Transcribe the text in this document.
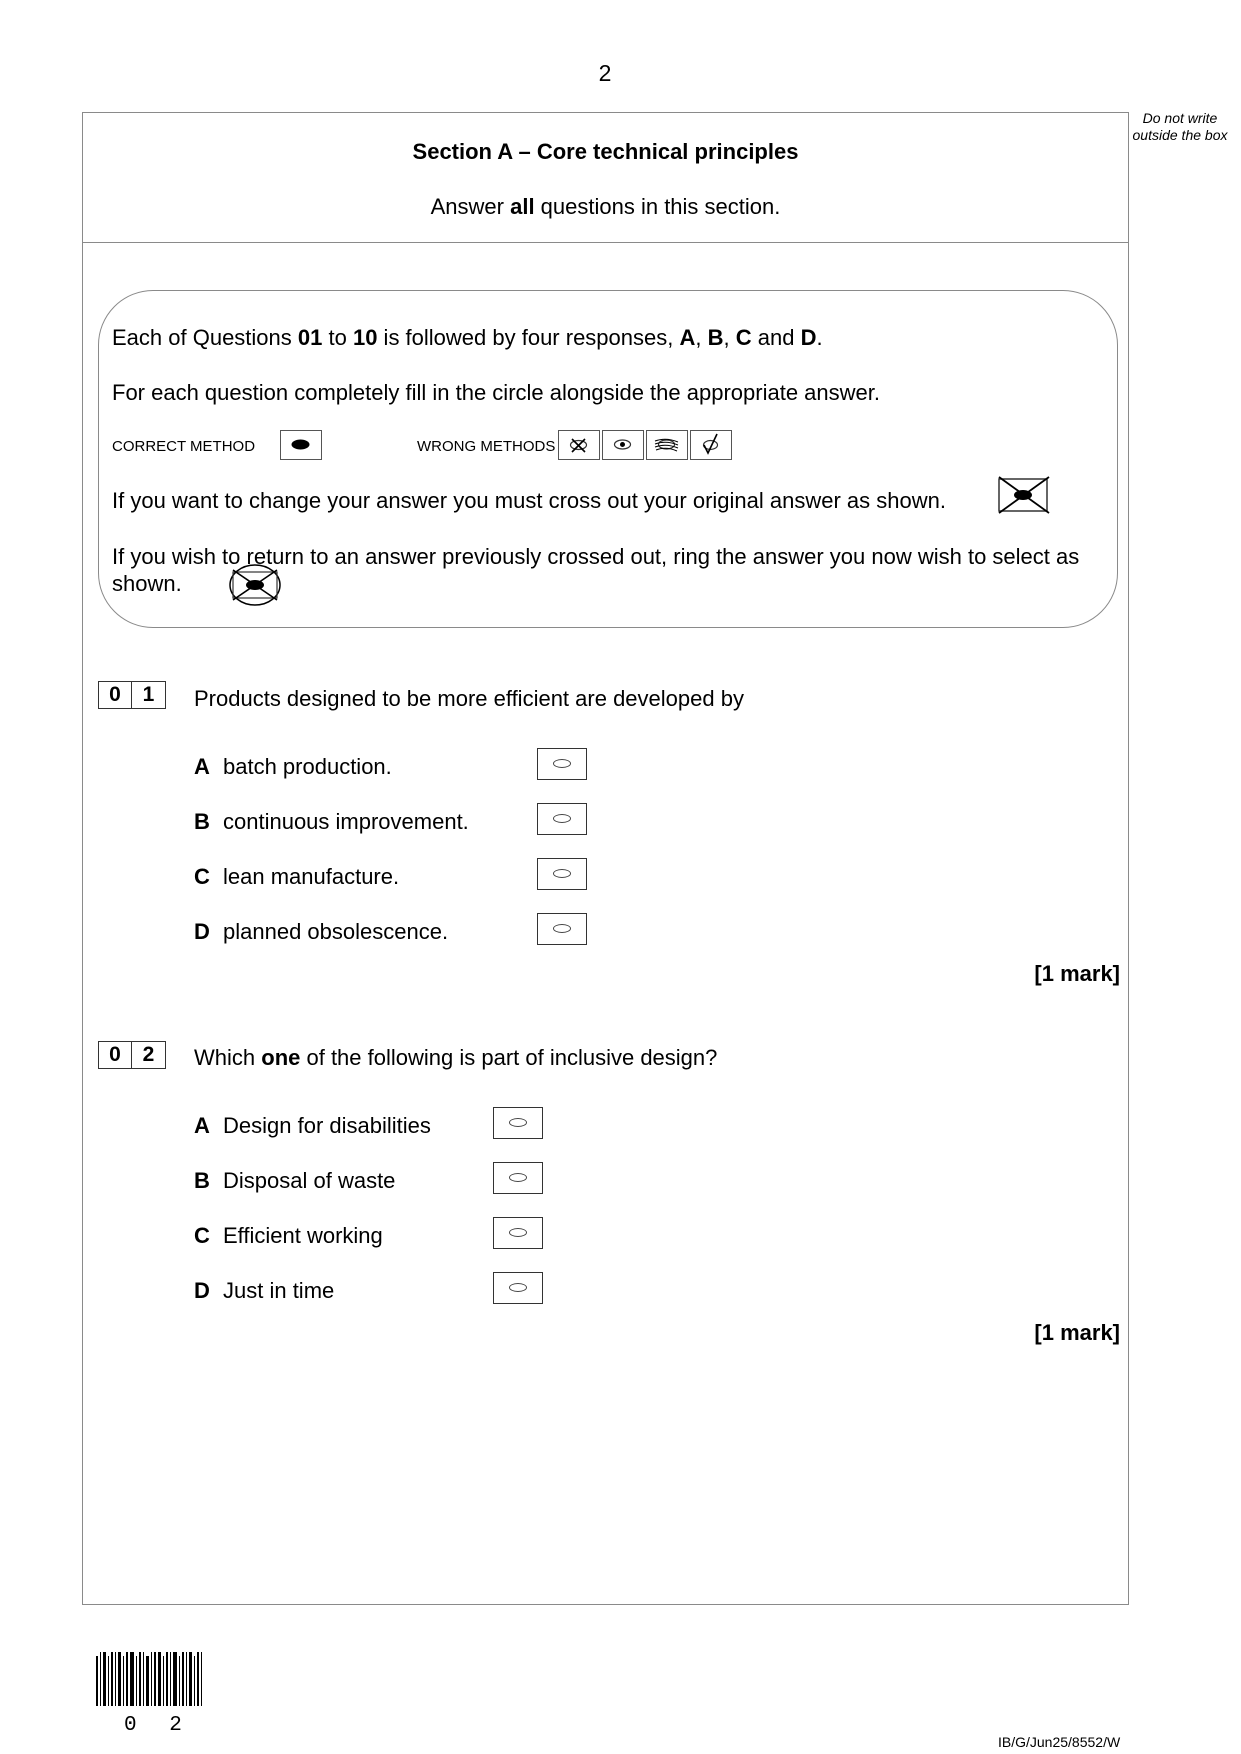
2
Do not write outside the box
Section A – Core technical principles
Answer all questions in this section.
Each of Questions 01 to 10 is followed by four responses, A, B, C and D.
For each question completely fill in the circle alongside the appropriate answer.
CORRECT METHOD	WRONG METHODS
If you want to change your answer you must cross out your original answer as shown.
If you wish to return to an answer previously crossed out, ring the answer you now wish to select as shown.
0	1	Products designed to be more efficient are developed by
A batch production.
B continuous improvement.
C lean manufacture.
D planned obsolescence.
[1 mark]
0	2	Which one of the following is part of inclusive design?
A Design for disabilities
B Disposal of waste
C Efficient working
D Just in time
[1 mark]
0 2
IB/G/Jun25/8552/W
